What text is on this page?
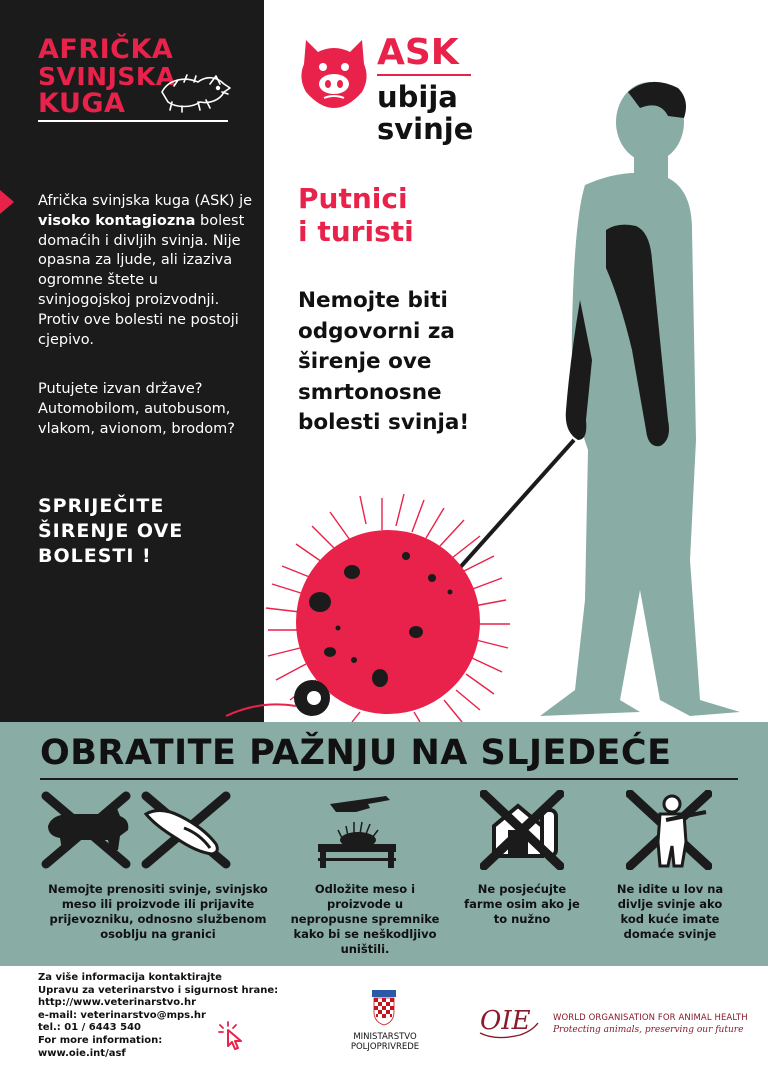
AFRIČKA
SVINJSKA
KUGA

Afrička svinjska kuga (ASK) je visoko kontagiozna bolest domaćih i divljih svinja. Nije opasna za ljude, ali izaziva ogromne štete u svinjogojskoj proizvodnji. Protiv ove bolesti ne postoji cjepivo.

Putujete izvan države? Automobilom, autobusom, vlakom, avionom, brodom?

SPRIJEČITE
ŠIRENJE OVE
BOLESTI !
ASK
ubija
svinje
Putnici
i turisti

Nemojte biti odgovorni za širenje ove smrtonosne bolesti svinja!

OBRATITE PAŽNJU NA SLJEDEĆE
Nemojte prenositi svinje, svinjsko meso ili proizvode ili prijavite prijevozniku, odnosno službenom osoblju na granici
Odložite meso i proizvode u nepropusne spremnike kako bi se neškodljivo uništili.
Ne posjećujte farme osim ako je to nužno
Ne idite u lov na divlje svinje ako kod kuće imate domaće svinje
Za više informacija kontaktirajte
Upravu za veterinarstvo i sigurnost hrane:
http://www.veterinarstvo.hr
e-mail: veterinarstvo@mps.hr
tel.: 01 / 6443 540
For more information:
www.oie.int/asf
MINISTARSTVO
POLJOPRIVREDE
OIE	WORLD ORGANISATION FOR ANIMAL HEALTH
Protecting animals, preserving our future
